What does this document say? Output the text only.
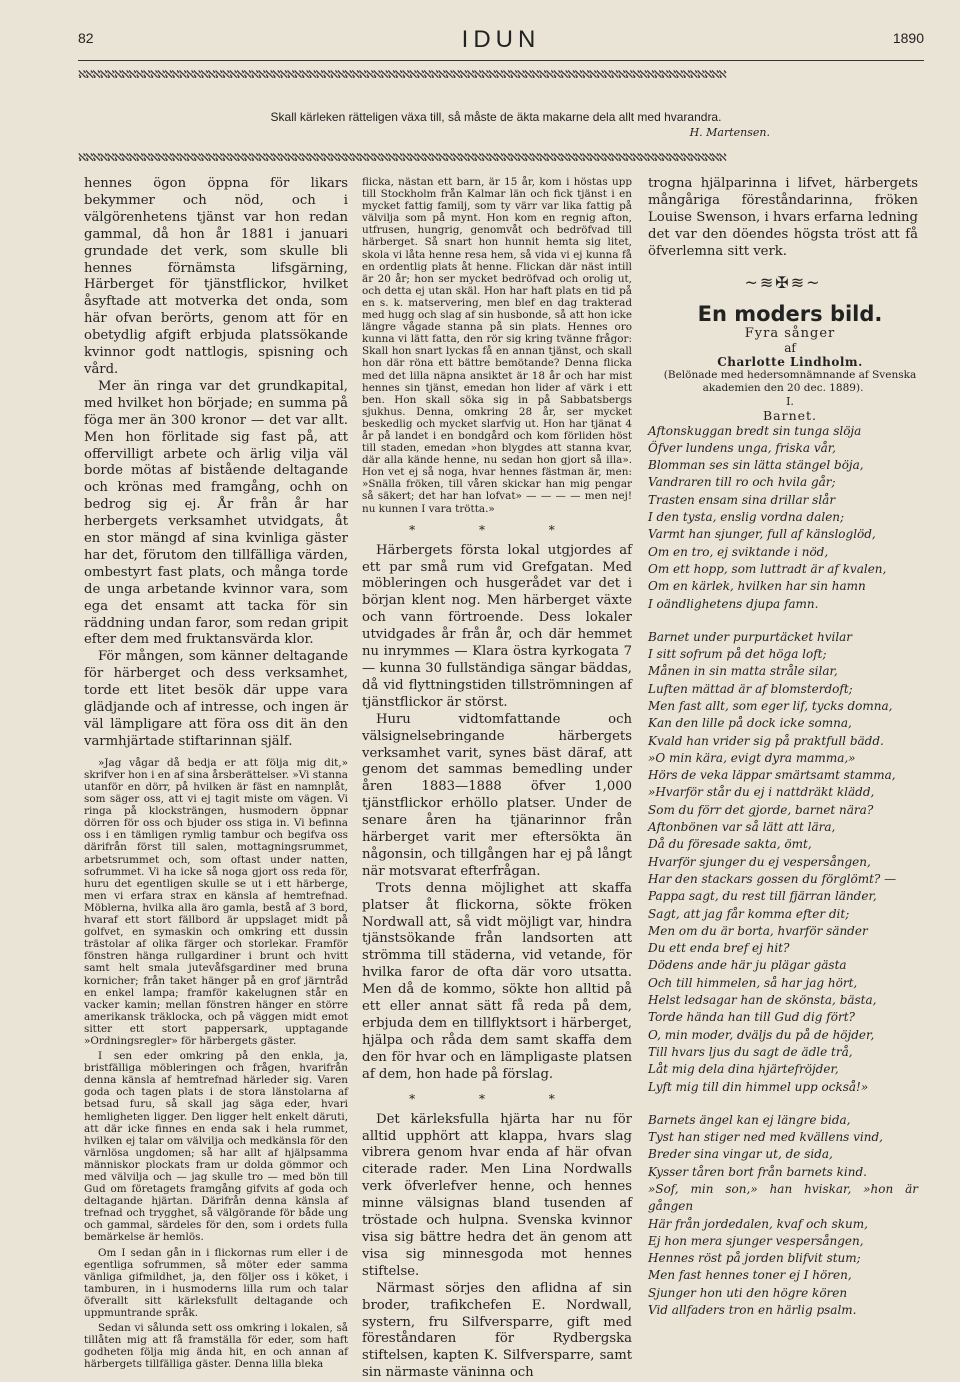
82	IDUN	1890
ℵℵℵℵℵℵℵℵℵℵℵℵℵℵℵℵℵℵℵℵℵℵℵℵℵℵℵℵℵℵℵℵℵℵℵℵℵℵℵℵℵℵℵℵℵℵℵℵℵℵℵℵℵℵℵℵℵℵℵℵℵℵℵℵℵℵℵℵℵℵℵℵℵℵℵℵℵℵℵℵℵℵℵℵℵℵℵℵℵℵ
Skall kärleken rätteligen växa till, så måste de äkta makarne dela allt med hvarandra.
H. Martensen.
ℵℵℵℵℵℵℵℵℵℵℵℵℵℵℵℵℵℵℵℵℵℵℵℵℵℵℵℵℵℵℵℵℵℵℵℵℵℵℵℵℵℵℵℵℵℵℵℵℵℵℵℵℵℵℵℵℵℵℵℵℵℵℵℵℵℵℵℵℵℵℵℵℵℵℵℵℵℵℵℵℵℵℵℵℵℵℵℵℵℵ

hennes ögon öppna för likars bekymmer och nöd, och i välgörenhetens tjänst var hon redan gammal, då hon år 1881 i januari grundade det verk, som skulle bli hennes förnämsta lifsgärning, Härberget för tjänstflickor, hvilket åsyftade att motverka det onda, som här ofvan berörts, genom att för en obetydlig afgift erbjuda platssökande kvinnor godt nattlogis, spisning och vård.

Mer än ringa var det grundkapital, med hvilket hon började; en summa på föga mer än 300 kronor — det var allt. Men hon förlitade sig fast på, att offervilligt arbete och ärlig vilja väl borde mötas af bistående deltagande och krönas med framgång, ochh on bedrog sig ej. År från år har herbergets verksamhet utvidgats, åt en stor mängd af sina kvinliga gäster har det, förutom den tillfälliga värden, ombestyrt fast plats, och många torde de unga arbetande kvinnor vara, som ega det ensamt att tacka för sin räddning undan faror, som redan gripit efter dem med fruktansvärda klor.

För mången, som känner deltagande för härberget och dess verksamhet, torde ett litet besök där uppe vara glädjande och af intresse, och ingen är väl lämpligare att föra oss dit än den varmhjärtade stiftarinnan själf.

»Jag vågar då bedja er att följa mig dit,» skrifver hon i en af sina årsberättelser. »Vi stanna utanför en dörr, på hvilken är fäst en namnplåt, som säger oss, att vi ej tagit miste om vägen. Vi ringa på klocksträngen, husmodern öppnar dörren för oss och bjuder oss stiga in. Vi befinna oss i en tämligen rymlig tambur och begifva oss därifrån först till salen, mottagningsrummet, arbetsrummet och, som oftast under natten, sofrummet. Vi ha icke så noga gjort oss reda för, huru det egentligen skulle se ut i ett härberge, men vi erfara strax en känsla af hemtrefnad. Möblerna, hvilka alla äro gamla, bestå af 3 bord, hvaraf ett stort fällbord är uppslaget midt på golfvet, en symaskin och omkring ett dussin trästolar af olika färger och storlekar. Framför fönstren hänga rullgardiner i brunt och hvitt samt helt smala jutevåfsgardiner med bruna kornicher; från taket hänger på en grof järntråd en enkel lampa; framför kakelugnen står en vacker kamin; mellan fönstren hänger en större amerikansk träklocka, och på väggen midt emot sitter ett stort pappersark, upptagande »Ordningsregler» för härbergets gäster.

I sen eder omkring på den enkla, ja, bristfälliga möbleringen och frågen, hvarifrån denna känsla af hemtrefnad härleder sig. Varen goda och tagen plats i de stora länstolarna af betsad furu, så skall jag säga eder, hvari hemligheten ligger. Den ligger helt enkelt däruti, att där icke finnes en enda sak i hela rummet, hvilken ej talar om välvilja och medkänsla för den värnlösa ungdomen; så har allt af hjälpsamma människor plockats fram ur dolda gömmor och med välvilja och — jag skulle tro — med bön till Gud om företagets framgång gifvits af goda och deltagande hjärtan. Därifrån denna känsla af trefnad och trygghet, så välgörande för både ung och gammal, särdeles för den, som i ordets fulla bemärkelse är hemlös.

Om I sedan gån in i flickornas rum eller i de egentliga sofrummen, så möter eder samma vänliga gifmildhet, ja, den följer oss i köket, i tamburen, in i husmoderns lilla rum och talar öfverallt sitt kärleksfullt deltagande och uppmuntrande språk.

Sedan vi sålunda sett oss omkring i lokalen, så tillåten mig att få framställa för eder, som haft godheten följa mig ända hit, en och annan af härbergets tillfälliga gäster. Denna lilla bleka

flicka, nästan ett barn, är 15 år, kom i höstas upp till Stockholm från Kalmar län och fick tjänst i en mycket fattig familj, som ty värr var lika fattig på välvilja som på mynt. Hon kom en regnig afton, utfrusen, hungrig, genomvåt och bedröfvad till härberget. Så snart hon hunnit hemta sig litet, skola vi låta henne resa hem, så vida vi ej kunna få en ordentlig plats åt henne. Flickan där näst intill är 20 år; hon ser mycket bedröfvad och orolig ut, och detta ej utan skäl. Hon har haft plats en tid på en s. k. matservering, men blef en dag trakterad med hugg och slag af sin husbonde, så att hon icke längre vågade stanna på sin plats. Hennes oro kunna vi lätt fatta, den rör sig kring tvänne frågor: Skall hon snart lyckas få en annan tjänst, och skall hon där röna ett bättre bemötande? Denna flicka med det lilla näpna ansiktet är 18 år och har mist hennes sin tjänst, emedan hon lider af värk i ett ben. Hon skall söka sig in på Sabbatsbergs sjukhus. Denna, omkring 28 år, ser mycket beskedlig och mycket slarfvig ut. Hon har tjänat 4 år på landet i en bondgård och kom förliden höst till staden, emedan »hon blygdes att stanna kvar, där alla kände henne, nu sedan hon gjort så illa». Hon vet ej så noga, hvar hennes fästman är, men: »Snälla fröken, till våren skickar han mig pengar så säkert; det har han lofvat» — — — — men nej! nu kunnen I vara trötta.»

* * *

Härbergets första lokal utgjordes af ett par små rum vid Grefgatan. Med möbleringen och husgerådet var det i början klent nog. Men härberget växte och vann förtroende. Dess lokaler utvidgades år från år, och där hemmet nu inrymmes — Klara östra kyrkogata 7 — kunna 30 fullständiga sängar bäddas, då vid flyttningstiden tillströmningen af tjänstflickor är störst.

Huru vidtomfattande och välsignelsebringande härbergets verksamhet varit, synes bäst däraf, att genom det sammas bemedling under åren 1883—1888 öfver 1,000 tjänstflickor erhöllo platser. Under de senare åren ha tjänarinnor från härberget varit mer eftersökta än någonsin, och tillgången har ej på långt när motsvarat efterfrågan.

Trots denna möjlighet att skaffa platser åt flickorna, sökte fröken Nordwall att, så vidt möjligt var, hindra tjänstsökande från landsorten att strömma till städerna, vid vetande, för hvilka faror de ofta där voro utsatta. Men då de kommo, sökte hon alltid på ett eller annat sätt få reda på dem, erbjuda dem en tillflyktsort i härberget, hjälpa och råda dem samt skaffa dem den för hvar och en lämpligaste platsen af dem, hon hade på förslag.

* * *

Det kärleksfulla hjärta har nu för alltid upphört att klappa, hvars slag vibrera genom hvar enda af här ofvan citerade rader. Men Lina Nordwalls verk öfverlefver henne, och hennes minne välsignas bland tusenden af tröstade och hulpna. Svenska kvinnor visa sig bättre hedra det än genom att visa sig minnesgoda mot hennes stiftelse.

Närmast sörjes den aflidna af sin broder, trafikchefen E. Nordwall, systern, fru Silfversparre, gift med föreståndaren för Rydbergska stiftelsen, kapten K. Silfversparre, samt sin närmaste väninna och

trogna hjälparinna i lifvet, härbergets mångåriga föreståndarinna, fröken Louise Swenson, i hvars erfarna ledning det var den döendes högsta tröst att få öfverlemna sitt verk.

~≋✠≋~

En moders bild.

Fyra sånger

af

Charlotte Lindholm.

(Belönade med hedersomnämnande af Svenska akademien den 20 dec. 1889).

I.

Barnet.

Aftonskuggan bredt sin tunga slöja

Öfver lundens unga, friska vår,

Blomman ses sin lätta stängel böja,

Vandraren till ro och hvila går;

Trasten ensam sina drillar slår

I den tysta, enslig vordna dalen;

Varmt han sjunger, full af känsloglöd,

Om en tro, ej sviktande i nöd,

Om ett hopp, som luttradt är af kvalen,

Om en kärlek, hvilken har sin hamn

I oändlighetens djupa famn.

Barnet under purpurtäcket hvilar

I sitt sofrum på det höga loft;

Månen in sin matta stråle silar,

Luften mättad är af blomsterdoft;

Men fast allt, som eger lif, tycks domna,

Kan den lille på dock icke somna,

Kvald han vrider sig på praktfull bädd.

»O min kära, evigt dyra mamma,»

Hörs de veka läppar smärtsamt stamma,

»Hvarför står du ej i nattdräkt klädd,

Som du förr det gjorde, barnet nära?

Aftonbönen var så lätt att lära,

Då du föresade sakta, ömt,

Hvarför sjunger du ej vespersången,

Har den stackars gossen du förglömt? —

Pappa sagt, du rest till fjärran länder,

Sagt, att jag får komma efter dit;

Men om du är borta, hvarför sänder

Du ett enda bref ej hit?

Dödens ande här ju plägar gästa

Och till himmelen, så har jag hört,

Helst ledsagar han de skönsta, bästa,

Torde hända han till Gud dig fört?

O, min moder, dväljs du på de höjder,

Till hvars ljus du sagt de ädle trå,

Låt mig dela dina hjärtefröjder,

Lyft mig till din himmel upp också!»

Barnets ängel kan ej längre bida,

Tyst han stiger ned med kvällens vind,

Breder sina vingar ut, de sida,

Kysser tåren bort från barnets kind.

»Sof, min son,» han hviskar, »hon är gången

Här från jordedalen, kvaf och skum,

Ej hon mera sjunger vespersången,

Hennes röst på jorden blifvit stum;

Men fast hennes toner ej I hören,

Sjunger hon uti den högre kören

Vid allfaders tron en härlig psalm.
